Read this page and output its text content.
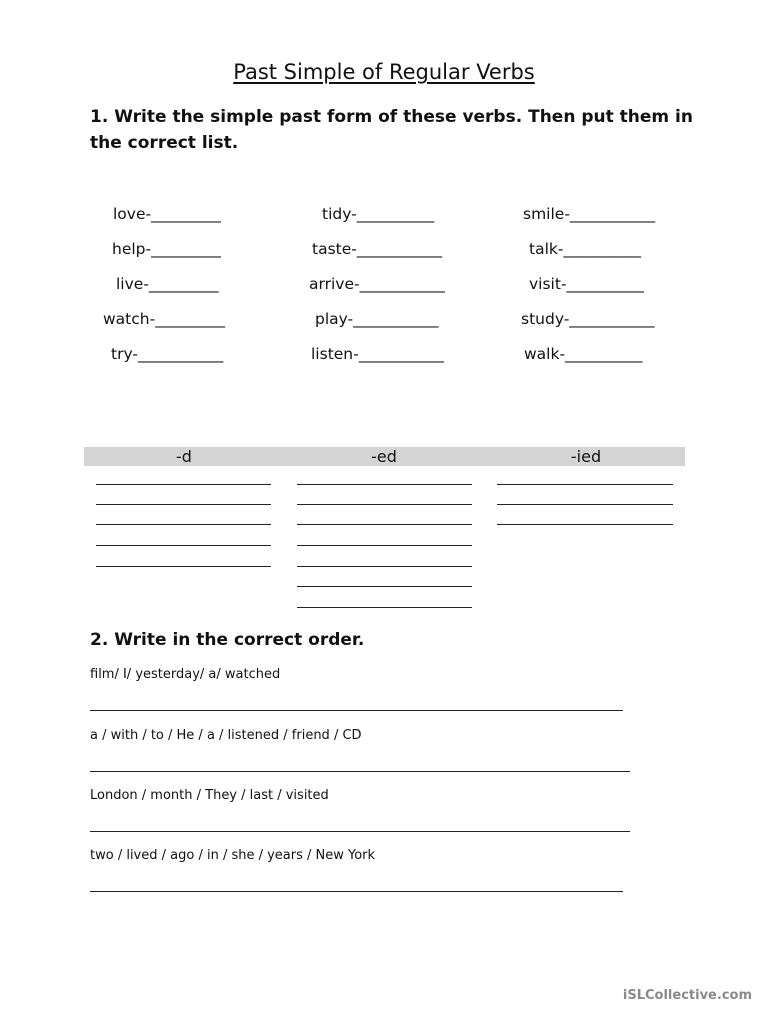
Past Simple of Regular Verbs
1. Write the simple past form of these verbs. Then put them in the correct list.
love-_________	tidy-__________	smile-___________
help-_________	taste-___________	talk-__________
live-_________	arrive-___________	visit-__________
watch-_________	play-___________	study-___________
try-___________	listen-___________	walk-__________
-d	-ed	-ied
2. Write in the correct order.
film/ I/ yesterday/ a/ watched
a / with / to / He / a / listened / friend / CD
London / month / They / last / visited
two / lived / ago / in / she / years / New York
iSLCollective.com
